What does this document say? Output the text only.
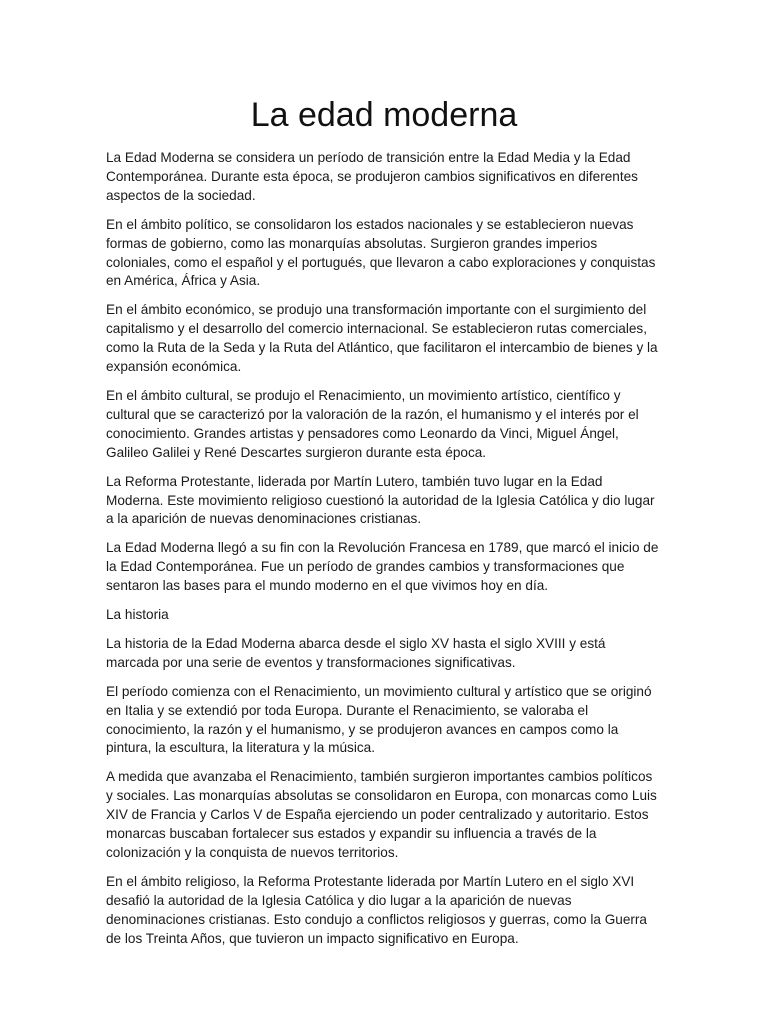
La edad moderna

La Edad Moderna se considera un período de transición entre la Edad Media y la Edad Contemporánea. Durante esta época, se produjeron cambios significativos en diferentes aspectos de la sociedad.

En el ámbito político, se consolidaron los estados nacionales y se establecieron nuevas formas de gobierno, como las monarquías absolutas. Surgieron grandes imperios coloniales, como el español y el portugués, que llevaron a cabo exploraciones y conquistas en América, África y Asia.

En el ámbito económico, se produjo una transformación importante con el surgimiento del capitalismo y el desarrollo del comercio internacional. Se establecieron rutas comerciales, como la Ruta de la Seda y la Ruta del Atlántico, que facilitaron el intercambio de bienes y la expansión económica.

En el ámbito cultural, se produjo el Renacimiento, un movimiento artístico, científico y cultural que se caracterizó por la valoración de la razón, el humanismo y el interés por el conocimiento. Grandes artistas y pensadores como Leonardo da Vinci, Miguel Ángel, Galileo Galilei y René Descartes surgieron durante esta época.

La Reforma Protestante, liderada por Martín Lutero, también tuvo lugar en la Edad Moderna. Este movimiento religioso cuestionó la autoridad de la Iglesia Católica y dio lugar a la aparición de nuevas denominaciones cristianas.

La Edad Moderna llegó a su fin con la Revolución Francesa en 1789, que marcó el inicio de la Edad Contemporánea. Fue un período de grandes cambios y transformaciones que sentaron las bases para el mundo moderno en el que vivimos hoy en día.

La historia

La historia de la Edad Moderna abarca desde el siglo XV hasta el siglo XVIII y está marcada por una serie de eventos y transformaciones significativas.

El período comienza con el Renacimiento, un movimiento cultural y artístico que se originó en Italia y se extendió por toda Europa. Durante el Renacimiento, se valoraba el conocimiento, la razón y el humanismo, y se produjeron avances en campos como la pintura, la escultura, la literatura y la música.

A medida que avanzaba el Renacimiento, también surgieron importantes cambios políticos y sociales. Las monarquías absolutas se consolidaron en Europa, con monarcas como Luis XIV de Francia y Carlos V de España ejerciendo un poder centralizado y autoritario. Estos monarcas buscaban fortalecer sus estados y expandir su influencia a través de la colonización y la conquista de nuevos territorios.

En el ámbito religioso, la Reforma Protestante liderada por Martín Lutero en el siglo XVI desafió la autoridad de la Iglesia Católica y dio lugar a la aparición de nuevas denominaciones cristianas. Esto condujo a conflictos religiosos y guerras, como la Guerra de los Treinta Años, que tuvieron un impacto significativo en Europa.
